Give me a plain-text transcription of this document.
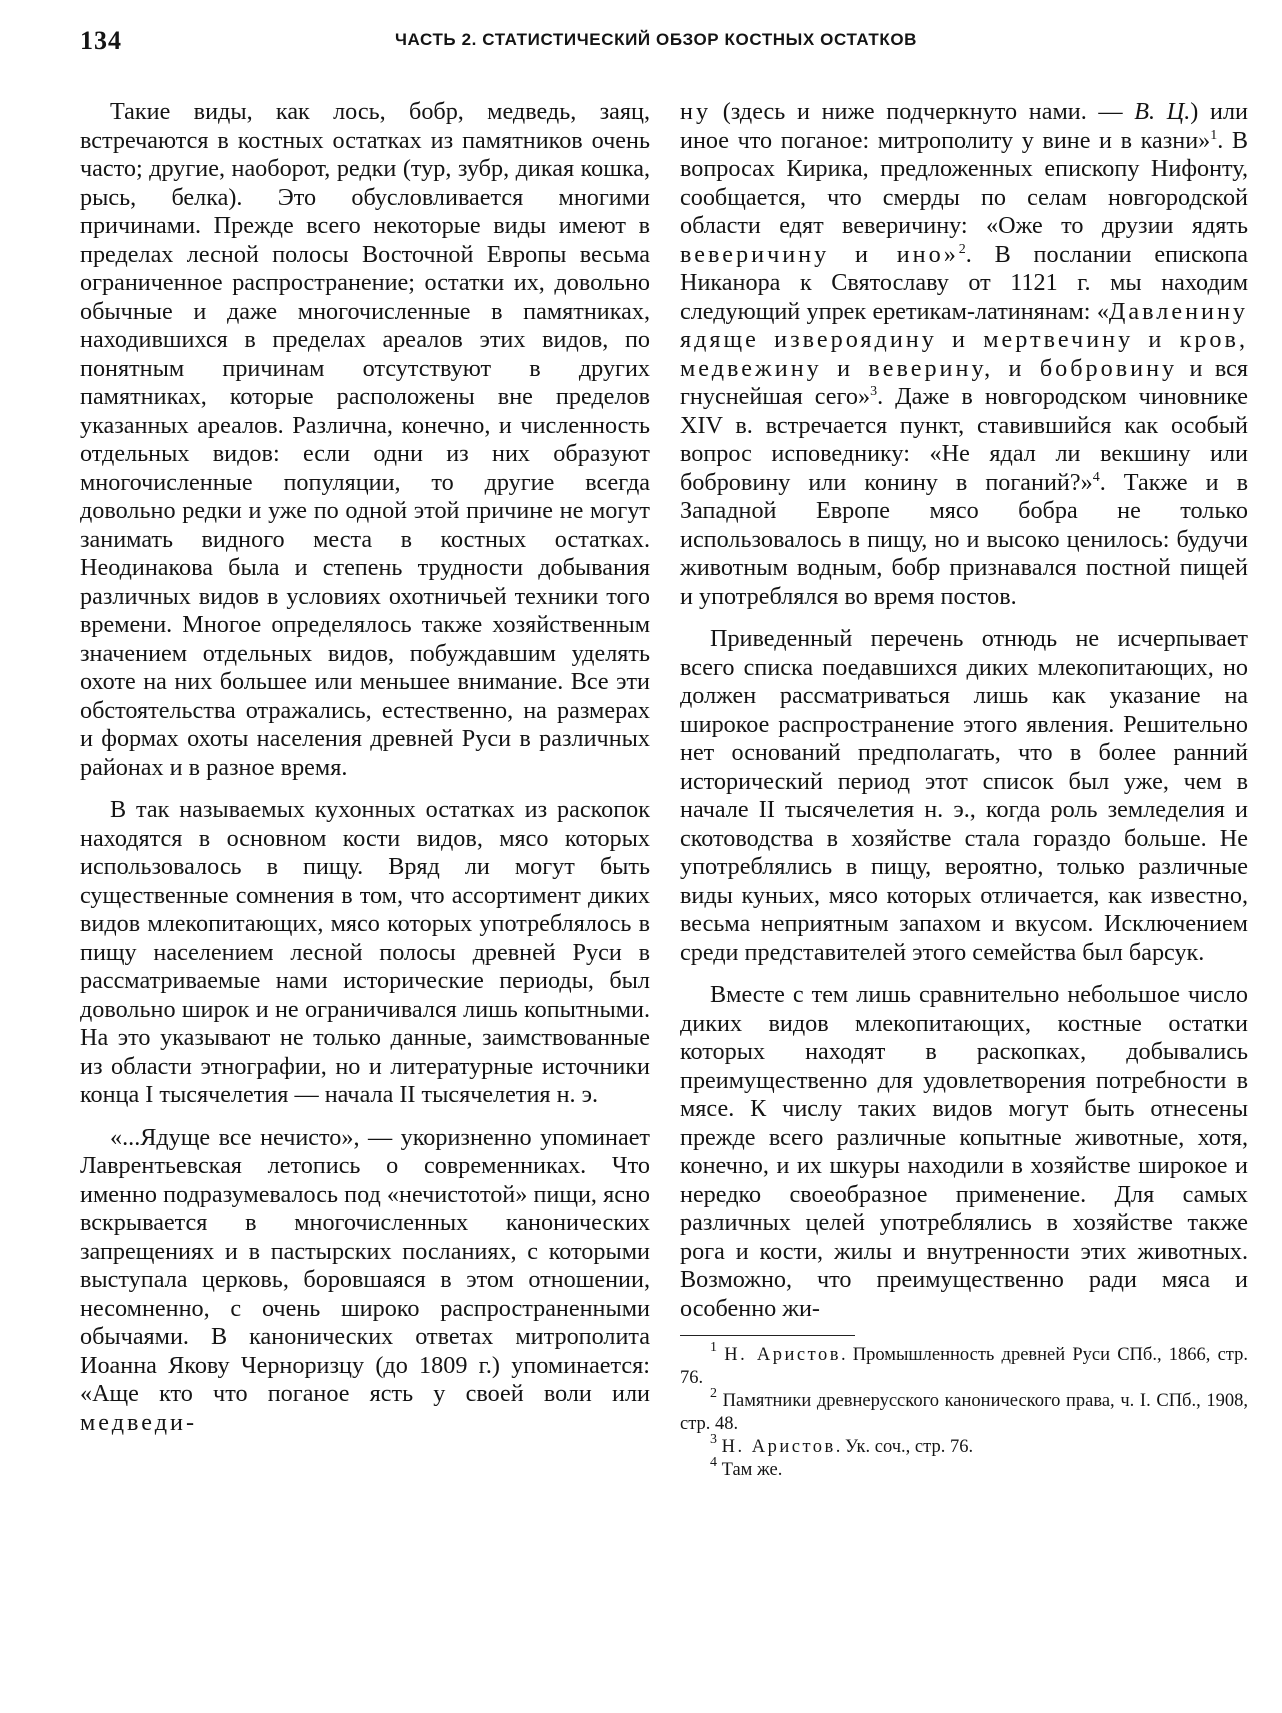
134	ЧАСТЬ 2. СТАТИСТИЧЕСКИЙ ОБЗОР КОСТНЫХ ОСТАТКОВ

Такие виды, как лось, бобр, медведь, заяц, встречаются в костных остатках из памятников очень часто; другие, наоборот, редки (тур, зубр, дикая кошка, рысь, белка). Это обусловливается многими причинами. Прежде всего некоторые виды имеют в пределах лесной полосы Восточной Европы весьма ограниченное распространение; остатки их, довольно обычные и даже многочисленные в памятниках, находившихся в пределах ареалов этих видов, по понятным причинам отсутствуют в других памятниках, которые расположены вне пределов указанных ареалов. Различна, конечно, и численность отдельных видов: если одни из них образуют многочисленные популяции, то другие всегда довольно редки и уже по одной этой причине не могут занимать видного места в костных остатках. Неодинакова была и степень трудности добывания различных видов в условиях охотничьей техники того времени. Многое определялось также хозяйственным значением отдельных видов, побуждавшим уделять охоте на них большее или меньшее внимание. Все эти обстоятельства отражались, естественно, на размерах и формах охоты населения древней Руси в различных районах и в разное время.

В так называемых кухонных остатках из раскопок находятся в основном кости видов, мясо которых использовалось в пищу. Вряд ли могут быть существенные сомнения в том, что ассортимент диких видов млекопитающих, мясо которых употреблялось в пищу населением лесной полосы древней Руси в рассматриваемые нами исторические периоды, был довольно широк и не ограничивался лишь копытными. На это указывают не только данные, заимствованные из области этнографии, но и литературные источники конца I тысячелетия — начала II тысячелетия н. э.

«...Ядуще все нечисто», — укоризненно упоминает Лаврентьевская летопись о современниках. Что именно подразумевалось под «нечистотой» пищи, ясно вскрывается в многочисленных канонических запрещениях и в пастырских посланиях, с которыми выступала церковь, боровшаяся в этом отношении, несомненно, с очень широко распространенными обычаями. В канонических ответах митрополита Иоанна Якову Черноризцу (до 1809 г.) упоминается: «Аще кто что поганое ясть у своей воли или медведи-

ну (здесь и ниже подчеркнуто нами. — В. Ц.) или иное что поганое: митрополиту у вине и в казни»$^1$. В вопросах Кирика, предложенных епископу Нифонту, сообщается, что смерды по селам новгородской области едят веверичину: «Оже то друзии ядять веверичину и ино»$^2$. В послании епископа Никанора к Святославу от 1121 г. мы находим следующий упрек еретикам-латинянам: «Давленину ядяще извероядину и мертвечину и кров, медвежину и веверину, и бобровину и вся гнуснейшая сего»$^3$. Даже в новгородском чиновнике XIV в. встречается пункт, ставившийся как особый вопрос исповеднику: «Не ядал ли векшину или бобровину или конину в поганий?»$^4$. Также и в Западной Европе мясо бобра не только использовалось в пищу, но и высоко ценилось: будучи животным водным, бобр признавался постной пищей и употреблялся во время постов.

Приведенный перечень отнюдь не исчерпывает всего списка поедавшихся диких млекопитающих, но должен рассматриваться лишь как указание на широкое распространение этого явления. Решительно нет оснований предполагать, что в более ранний исторический период этот список был уже, чем в начале II тысячелетия н. э., когда роль земледелия и скотоводства в хозяйстве стала гораздо больше. Не употреблялись в пищу, вероятно, только различные виды куньих, мясо которых отличается, как известно, весьма неприятным запахом и вкусом. Исключением среди представителей этого семейства был барсук.

Вместе с тем лишь сравнительно небольшое число диких видов млекопитающих, костные остатки которых находят в раскопках, добывались преимущественно для удовлетворения потребности в мясе. К числу таких видов могут быть отнесены прежде всего различные копытные животные, хотя, конечно, и их шкуры находили в хозяйстве широкое и нередко своеобразное применение. Для самых различных целей употреблялись в хозяйстве также рога и кости, жилы и внутренности этих животных. Возможно, что преимущественно ради мяса и особенно жи-

$^1$ Н. Аристов. Промышленность древней Руси СПб., 1866, стр. 76.

$^2$ Памятники древнерусского канонического права, ч. I. СПб., 1908, стр. 48.

$^3$ Н. Аристов. Ук. соч., стр. 76.

$^4$ Там же.
